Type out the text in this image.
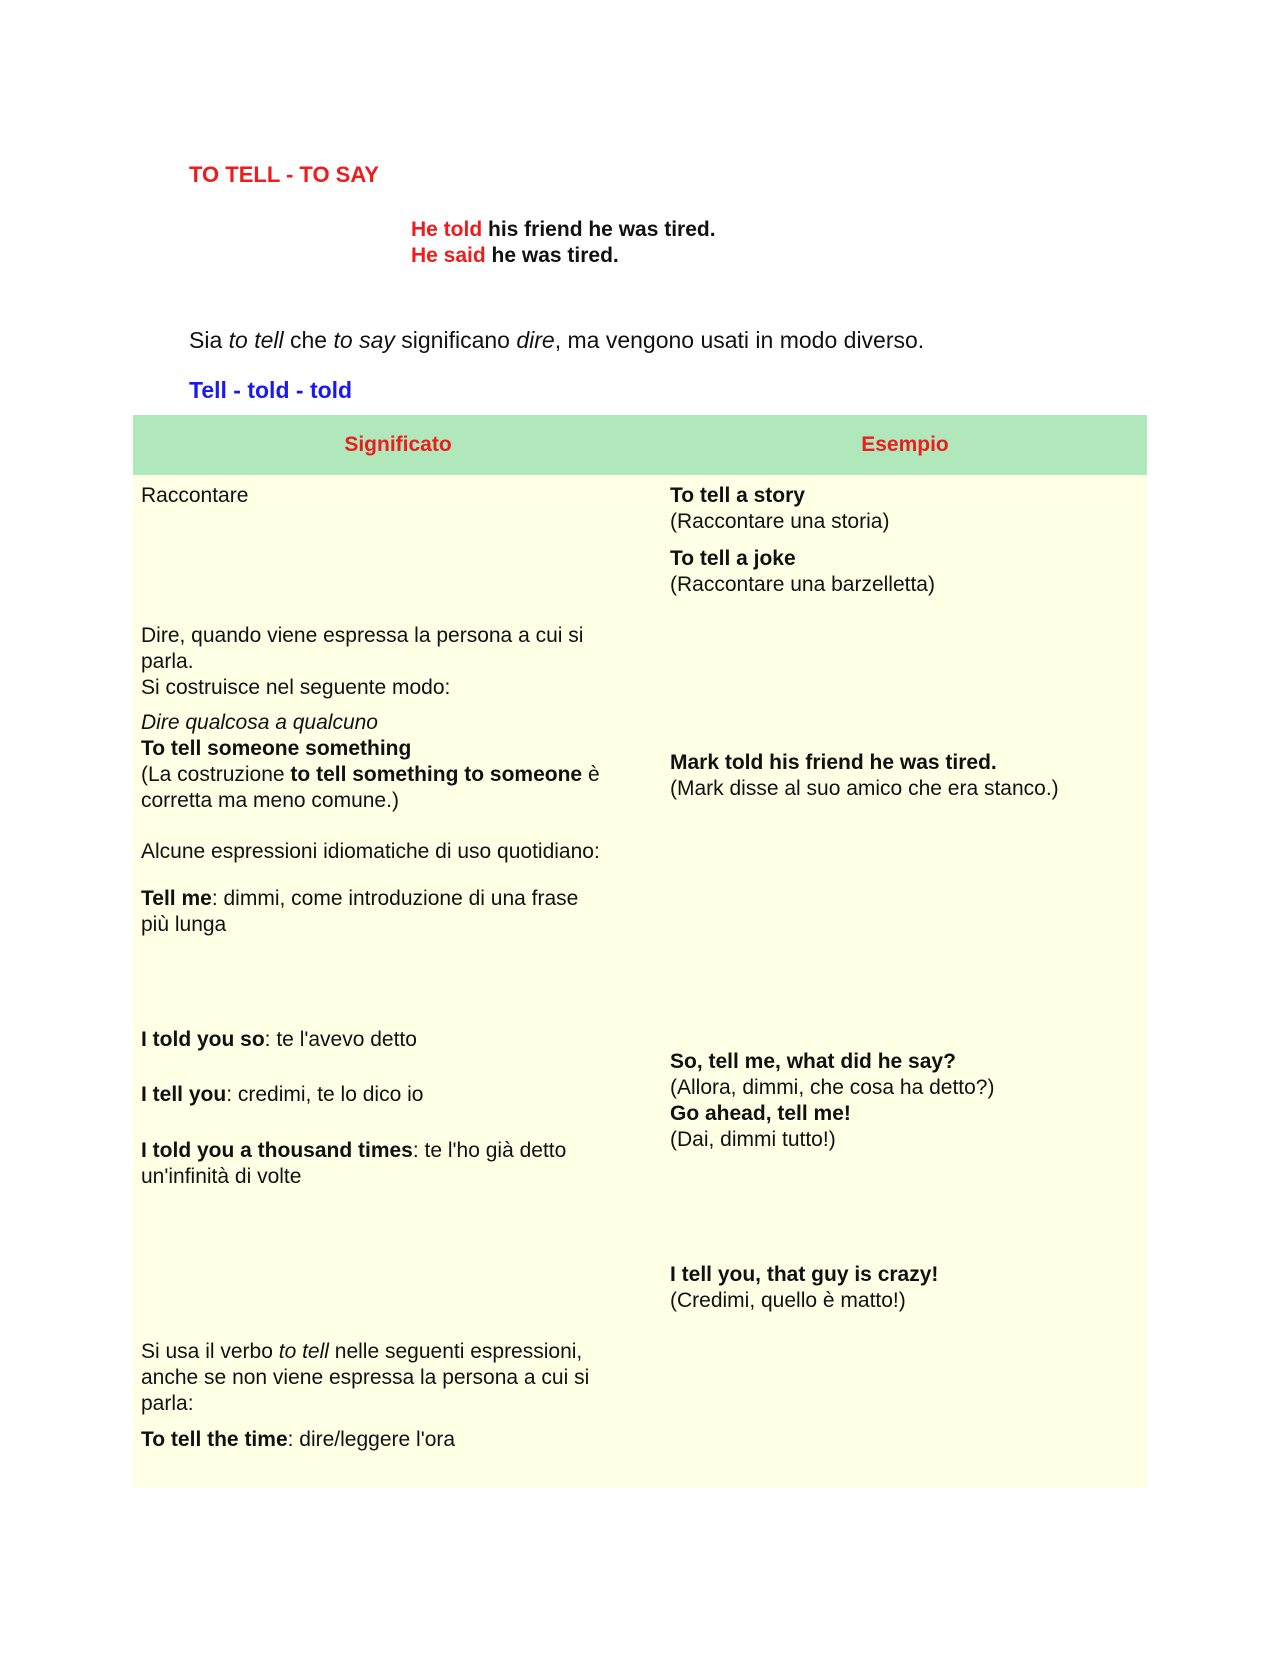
TO TELL - TO SAY
He told his friend he was tired.
He said he was tired.
Sia to tell che to say significano dire, ma vengono usati in modo diverso.
Tell - told - told
Significato	Esempio
Raccontare
Dire, quando viene espressa la persona a cui si
parla.
Si costruisce nel seguente modo:
Dire qualcosa a qualcuno
To tell someone something
(La costruzione to tell something to someone è
corretta ma meno comune.)
Alcune espressioni idiomatiche di uso quotidiano:
Tell me: dimmi, come introduzione di una frase
più lunga
I told you so: te l'avevo detto
I tell you: credimi, te lo dico io
I told you a thousand times: te l'ho già detto
un'infinità di volte
Si usa il verbo to tell nelle seguenti espressioni,
anche se non viene espressa la persona a cui si
parla:
To tell the time: dire/leggere l'ora
To tell a story
(Raccontare una storia)
To tell a joke
(Raccontare una barzelletta)
Mark told his friend he was tired.
(Mark disse al suo amico che era stanco.)
So, tell me, what did he say?
(Allora, dimmi, che cosa ha detto?)
Go ahead, tell me!
(Dai, dimmi tutto!)
I tell you, that guy is crazy!
(Credimi, quello è matto!)
